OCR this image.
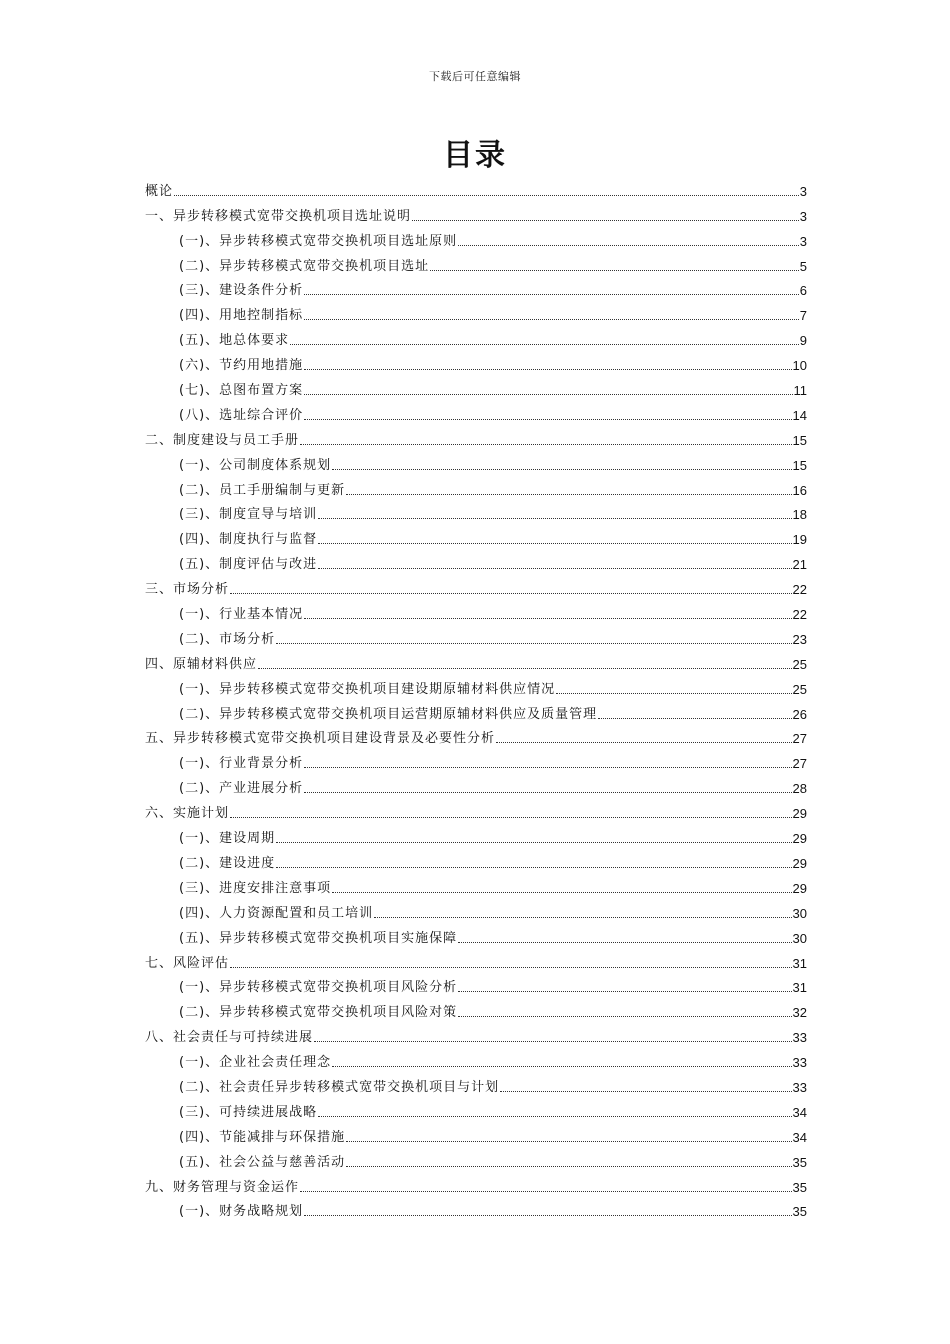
下载后可任意编辑
目录
概论	3
一、异步转移模式宽带交换机项目选址说明	3
(一)、异步转移模式宽带交换机项目选址原则	3
(二)、异步转移模式宽带交换机项目选址	5
(三)、建设条件分析	6
(四)、用地控制指标	7
(五)、地总体要求	9
(六)、节约用地措施	10
(七)、总图布置方案	11
(八)、选址综合评价	14
二、制度建设与员工手册	15
(一)、公司制度体系规划	15
(二)、员工手册编制与更新	16
(三)、制度宣导与培训	18
(四)、制度执行与监督	19
(五)、制度评估与改进	21
三、市场分析	22
(一)、行业基本情况	22
(二)、市场分析	23
四、原辅材料供应	25
(一)、异步转移模式宽带交换机项目建设期原辅材料供应情况	25
(二)、异步转移模式宽带交换机项目运营期原辅材料供应及质量管理	26
五、异步转移模式宽带交换机项目建设背景及必要性分析	27
(一)、行业背景分析	27
(二)、产业进展分析	28
六、实施计划	29
(一)、建设周期	29
(二)、建设进度	29
(三)、进度安排注意事项	29
(四)、人力资源配置和员工培训	30
(五)、异步转移模式宽带交换机项目实施保障	30
七、风险评估	31
(一)、异步转移模式宽带交换机项目风险分析	31
(二)、异步转移模式宽带交换机项目风险对策	32
八、社会责任与可持续进展	33
(一)、企业社会责任理念	33
(二)、社会责任异步转移模式宽带交换机项目与计划	33
(三)、可持续进展战略	34
(四)、节能减排与环保措施	34
(五)、社会公益与慈善活动	35
九、财务管理与资金运作	35
(一)、财务战略规划	35
